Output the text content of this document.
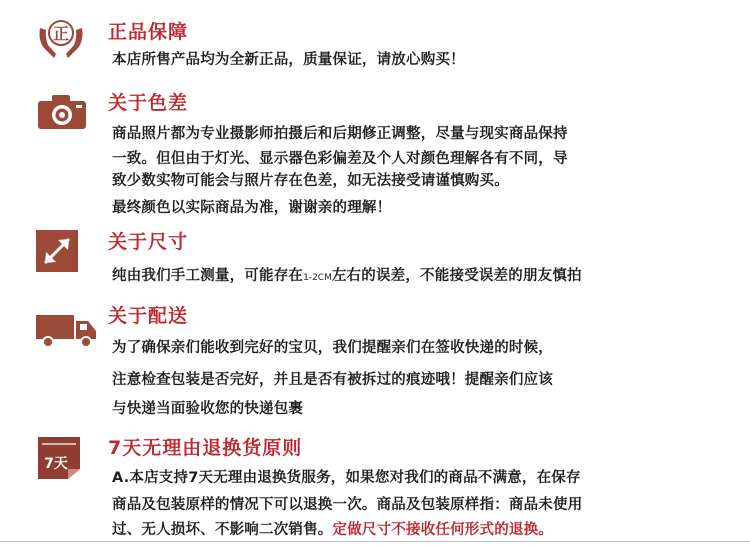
正 正品保障
本店所售产品均为全新正品，质量保证，请放心购买！
关于色差
商品照片都为专业摄影师拍摄后和后期修正调整，尽量与现实商品保持
一致。但但由于灯光、显示器色彩偏差及个人对颜色理解各有不同，导
致少数实物可能会与照片存在色差，如无法接受请谨慎购买。
最终颜色以实际商品为准，谢谢亲的理解！
关于尺寸
纯由我们手工测量，可能存在1-2CM左右的误差，不能接受误差的朋友慎拍
关于配送
为了确保亲们能收到完好的宝贝，我们提醒亲们在签收快递的时候，
注意检查包装是否完好，并且是否有被拆过的痕迹哦！提醒亲们应该
与快递当面验收您的快递包裹
7天
7天无理由退换货原则
A.本店支持7天无理由退换货服务，如果您对我们的商品不满意，在保存
商品及包装原样的情况下可以退换一次。商品及包装原样指：商品未使用
过、无人损坏、不影响二次销售。定做尺寸不接收任何形式的退换。
